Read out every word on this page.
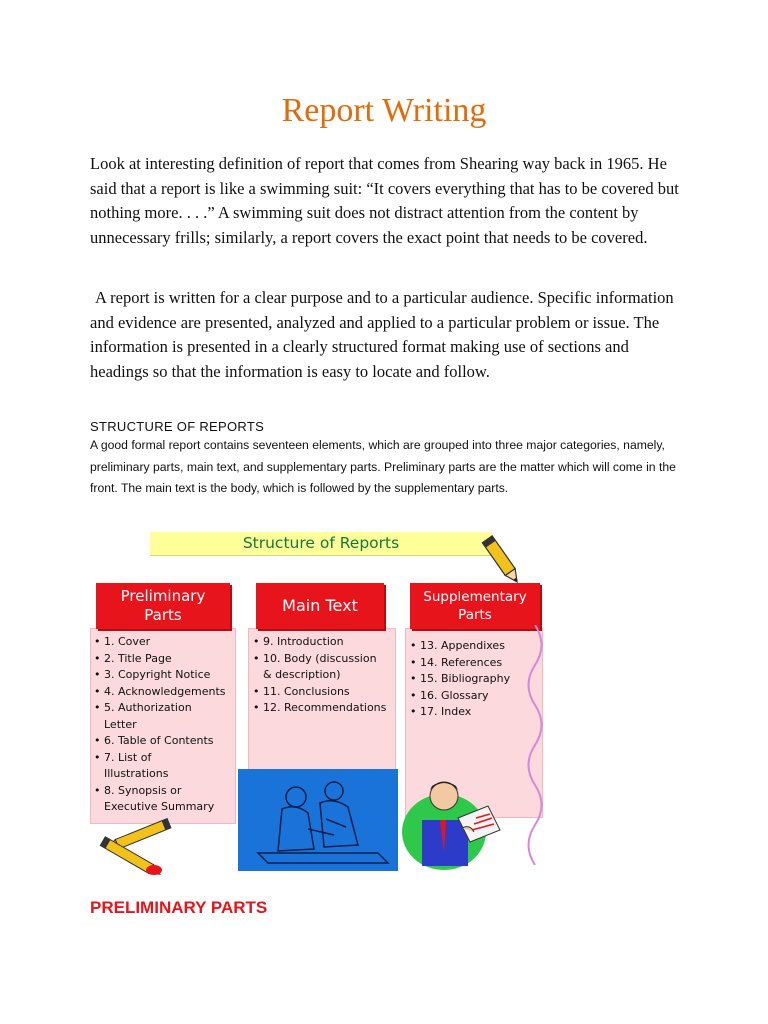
Report Writing
Look at interesting definition of report that comes from Shearing way back in 1965. He said that a report is like a swimming suit: “It covers everything that has to be covered but nothing more. . . .” A swimming suit does not distract attention from the content by unnecessary frills; similarly, a report covers the exact point that needs to be covered.
A report is written for a clear purpose and to a particular audience. Specific information and evidence are presented, analyzed and applied to a particular problem or issue. The information is presented in a clearly structured format making use of sections and headings so that the information is easy to locate and follow.
STRUCTURE OF REPORTS
A good formal report contains seventeen elements, which are grouped into three major categories, namely, preliminary parts, main text, and supplementary parts. Preliminary parts are the matter which will come in the front. The main text is the body, which is followed by the supplementary parts.
Structure of Reports
Preliminary
Parts
• 1. Cover
• 2. Title Page
• 3. Copyright Notice
• 4. Acknowledgements
• 5. Authorization Letter
• 6. Table of Contents
• 7. List of Illustrations
• 8. Synopsis or Executive Summary
Main Text
• 9. Introduction
• 10. Body (discussion & description)
• 11. Conclusions
• 12. Recommendations
Supplementary
Parts
• 13. Appendixes
• 14. References
• 15. Bibliography
• 16. Glossary
• 17. Index
PRELIMINARY PARTS
